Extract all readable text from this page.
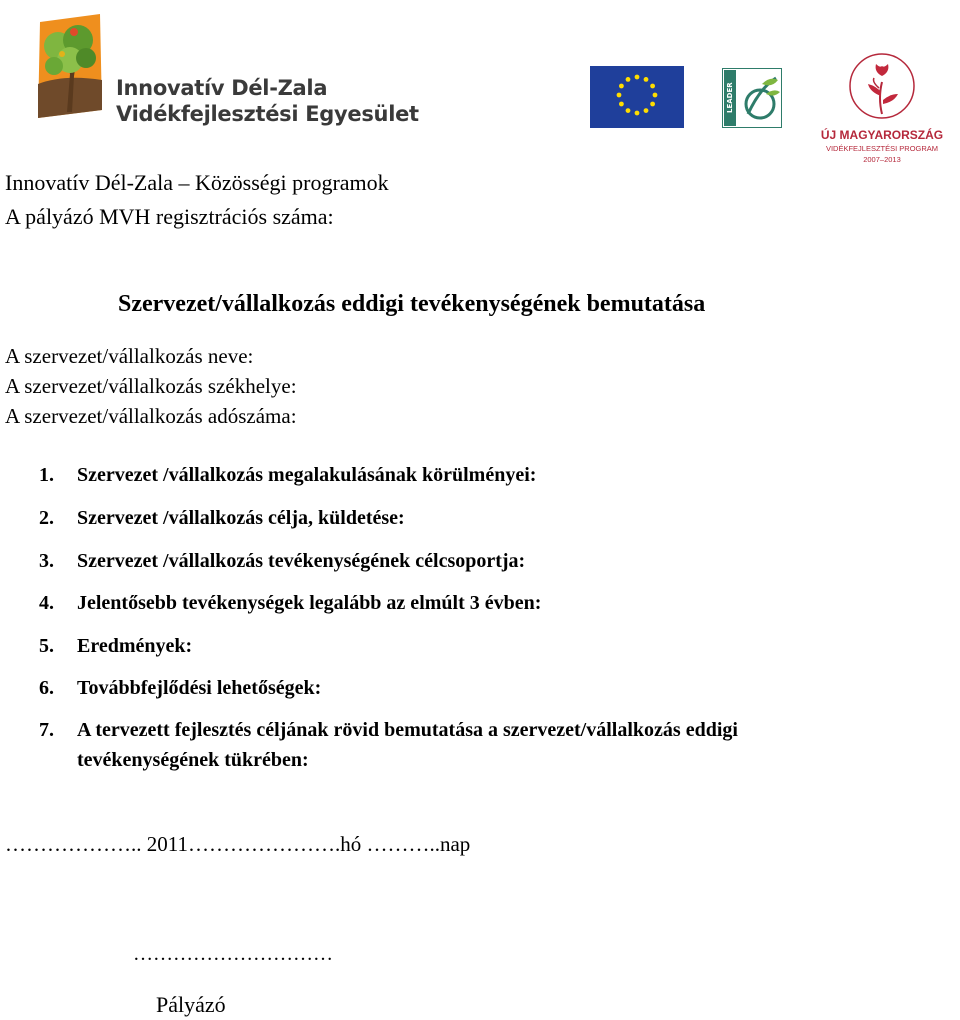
Innovatív Dél-Zala
Vidékfejlesztési Egyesület
LEADER
ÚJ MAGYARORSZÁG
VIDÉKFEJLESZTÉSI PROGRAM
2007–2013
Innovatív Dél-Zala – Közösségi programok
A pályázó MVH regisztrációs száma:
Szervezet/vállalkozás eddigi tevékenységének bemutatása
A szervezet/vállalkozás neve:
A szervezet/vállalkozás székhelye:
A szervezet/vállalkozás adószáma:
1. Szervezet /vállalkozás megalakulásának körülményei:
2. Szervezet /vállalkozás célja, küldetése:
3. Szervezet /vállalkozás tevékenységének célcsoportja:
4. Jelentősebb tevékenységek legalább az elmúlt 3 évben:
5. Eredmények:
6. Továbbfejlődési lehetőségek:
7. A tervezett fejlesztés céljának rövid bemutatása a szervezet/vállalkozás eddigi
tevékenységének tükrében:
……………….. 2011………………….hó ………..nap
…………………………
Pályázó
